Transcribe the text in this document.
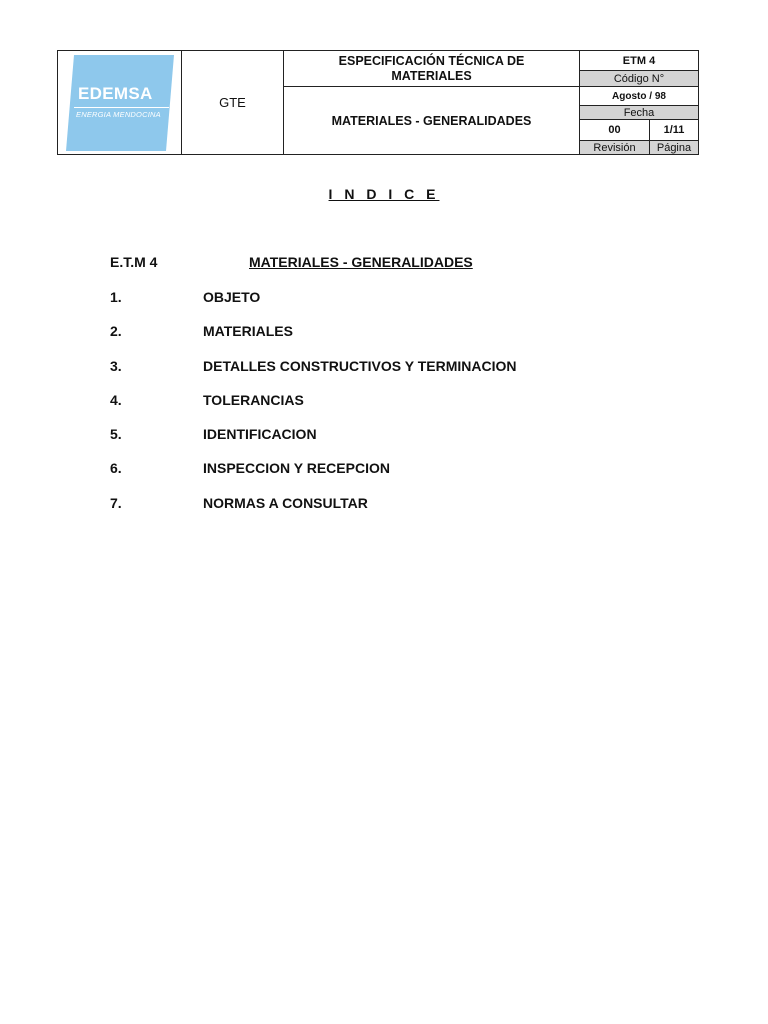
EDEMSA
ENERGIA MENDOCINA
GTE
ESPECIFICACIÓN TÉCNICA DE MATERIALES
MATERIALES - GENERALIDADES
ETM 4
Código N°
Agosto / 98
Fecha
00	1/11
Revisión	Página
I N D I C E
E.T.M 4	MATERIALES - GENERALIDADES
1.	OBJETO
2.	MATERIALES
3.	DETALLES CONSTRUCTIVOS Y TERMINACION
4.	TOLERANCIAS
5.	IDENTIFICACION
6.	INSPECCION Y RECEPCION
7.	NORMAS A CONSULTAR
